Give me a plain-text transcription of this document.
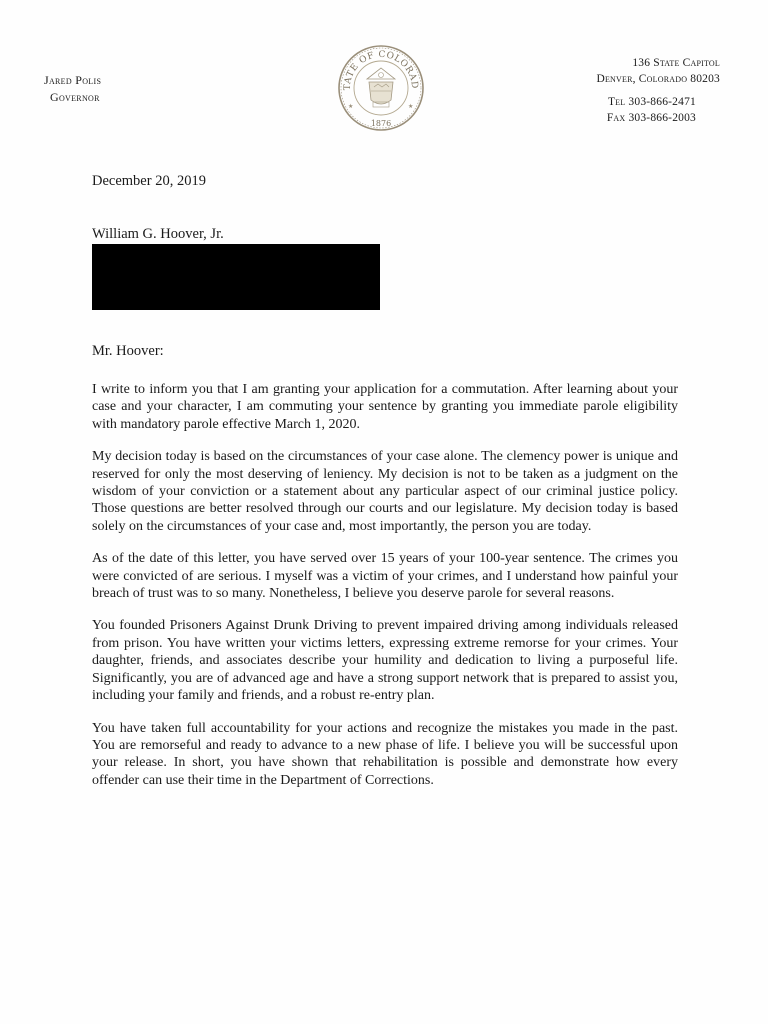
Jared Polis
Governor
TATE OF COLORAD
1876
★	★
136 State Capitol
Denver, Colorado 80203
Tel 303-866-2471
Fax 303-866-2003
December 20, 2019
William G. Hoover, Jr.
Mr. Hoover:

I write to inform you that I am granting your application for a commutation. After learning about your case and your character, I am commuting your sentence by granting you immediate parole eligibility with mandatory parole effective March 1, 2020.

My decision today is based on the circumstances of your case alone. The clemency power is unique and reserved for only the most deserving of leniency. My decision is not to be taken as a judgment on the wisdom of your conviction or a statement about any particular aspect of our criminal justice policy. Those questions are better resolved through our courts and our legislature. My decision today is based solely on the circumstances of your case and, most importantly, the person you are today.

As of the date of this letter, you have served over 15 years of your 100-year sentence. The crimes you were convicted of are serious. I myself was a victim of your crimes, and I understand how painful your breach of trust was to so many. Nonetheless, I believe you deserve parole for several reasons.

You founded Prisoners Against Drunk Driving to prevent impaired driving among individuals released from prison. You have written your victims letters, expressing extreme remorse for your crimes. Your daughter, friends, and associates describe your humility and dedication to living a purposeful life. Significantly, you are of advanced age and have a strong support network that is prepared to assist you, including your family and friends, and a robust re-entry plan.

You have taken full accountability for your actions and recognize the mistakes you made in the past. You are remorseful and ready to advance to a new phase of life. I believe you will be successful upon your release. In short, you have shown that rehabilitation is possible and demonstrate how every offender can use their time in the Department of Corrections.
